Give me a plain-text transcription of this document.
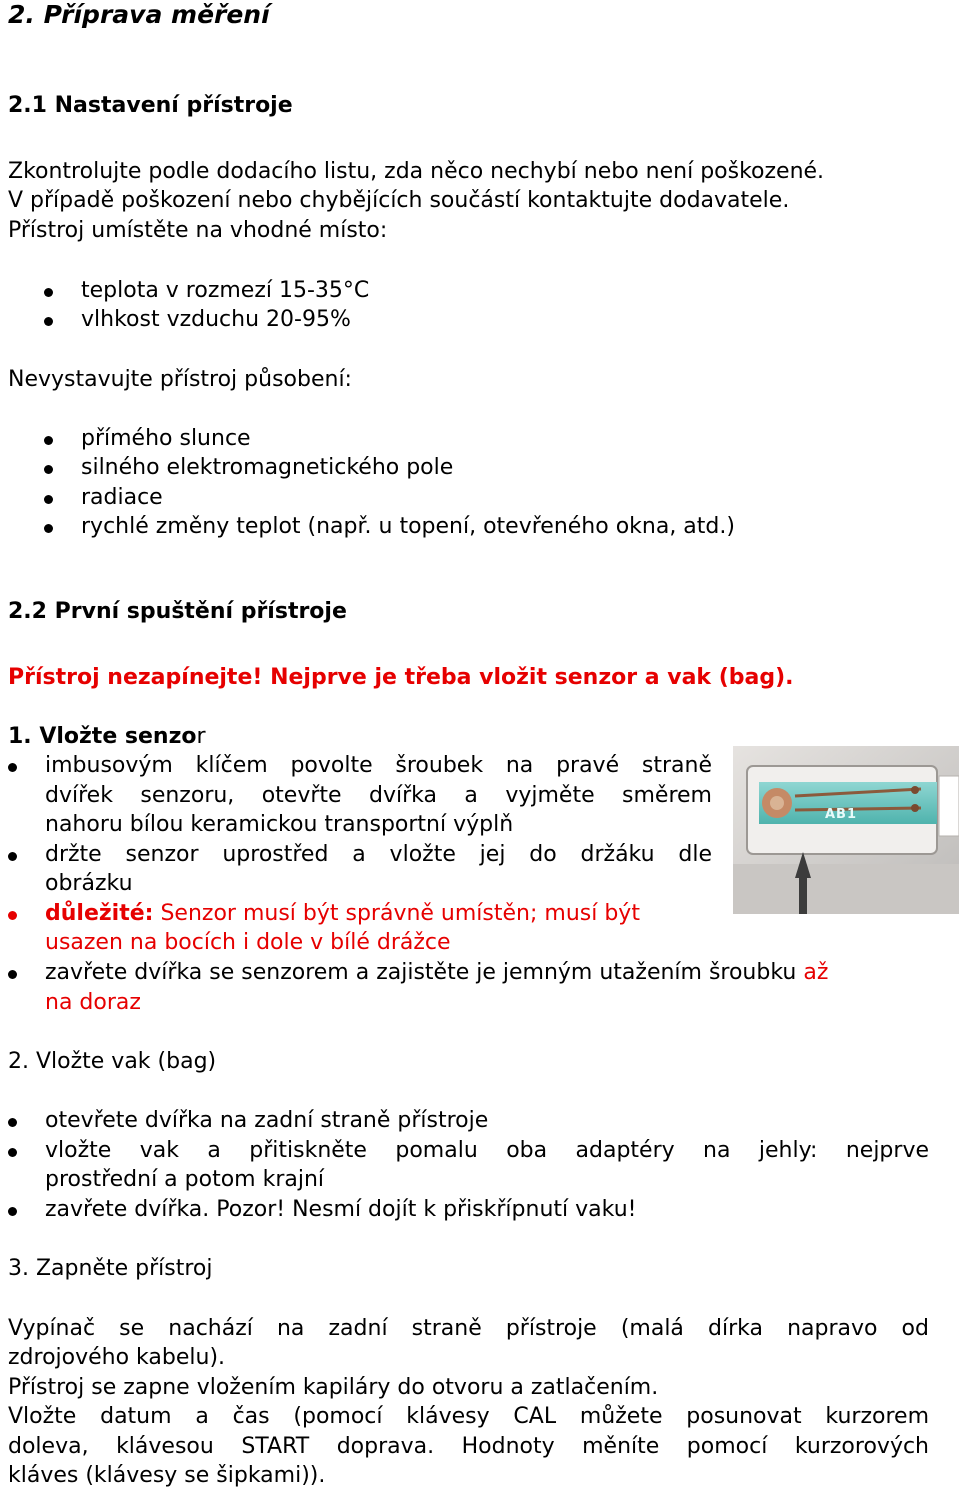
2. Příprava měření
2.1 Nastavení přístroje
Zkontrolujte podle dodacího listu, zda něco nechybí nebo není poškozené.
V případě poškození nebo chybějících součástí kontaktujte dodavatele.
Přístroj umístěte na vhodné místo:
teplota v rozmezí 15-35°C
vlhkost vzduchu 20-95%
Nevystavujte přístroj působení:
přímého slunce
silného elektromagnetického pole
radiace
rychlé změny teplot (např. u topení, otevřeného okna, atd.)
2.2 První spuštění přístroje
Přístroj nezapínejte! Nejprve je třeba vložit senzor a vak (bag).
1. Vložte senzor
imbusovým klíčem povolte šroubek na pravé straně
dvířek senzoru, otevřte dvířka a vyjměte směrem
nahoru bílou keramickou transportní výplň
držte senzor uprostřed a vložte jej do držáku dle
obrázku
důležité: Senzor musí být správně umístěn; musí být
usazen na bocích i dole v bílé drážce
zavřete dvířka se senzorem a zajistěte je jemným utažením šroubku až
na doraz
AB1
2. Vložte vak (bag)
otevřete dvířka na zadní straně přístroje
vložte vak a přitiskněte pomalu oba adaptéry na jehly: nejprve
prostřední a potom krajní
zavřete dvířka. Pozor! Nesmí dojít k přiskřípnutí vaku!
3. Zapněte přístroj
Vypínač se nachází na zadní straně přístroje (malá dírka napravo od
zdrojového kabelu).
Přístroj se zapne vložením kapiláry do otvoru a zatlačením.
Vložte datum a čas (pomocí klávesy CAL můžete posunovat kurzorem
doleva, klávesou START doprava. Hodnoty měníte pomocí kurzorových
kláves (klávesy se šipkami)).
